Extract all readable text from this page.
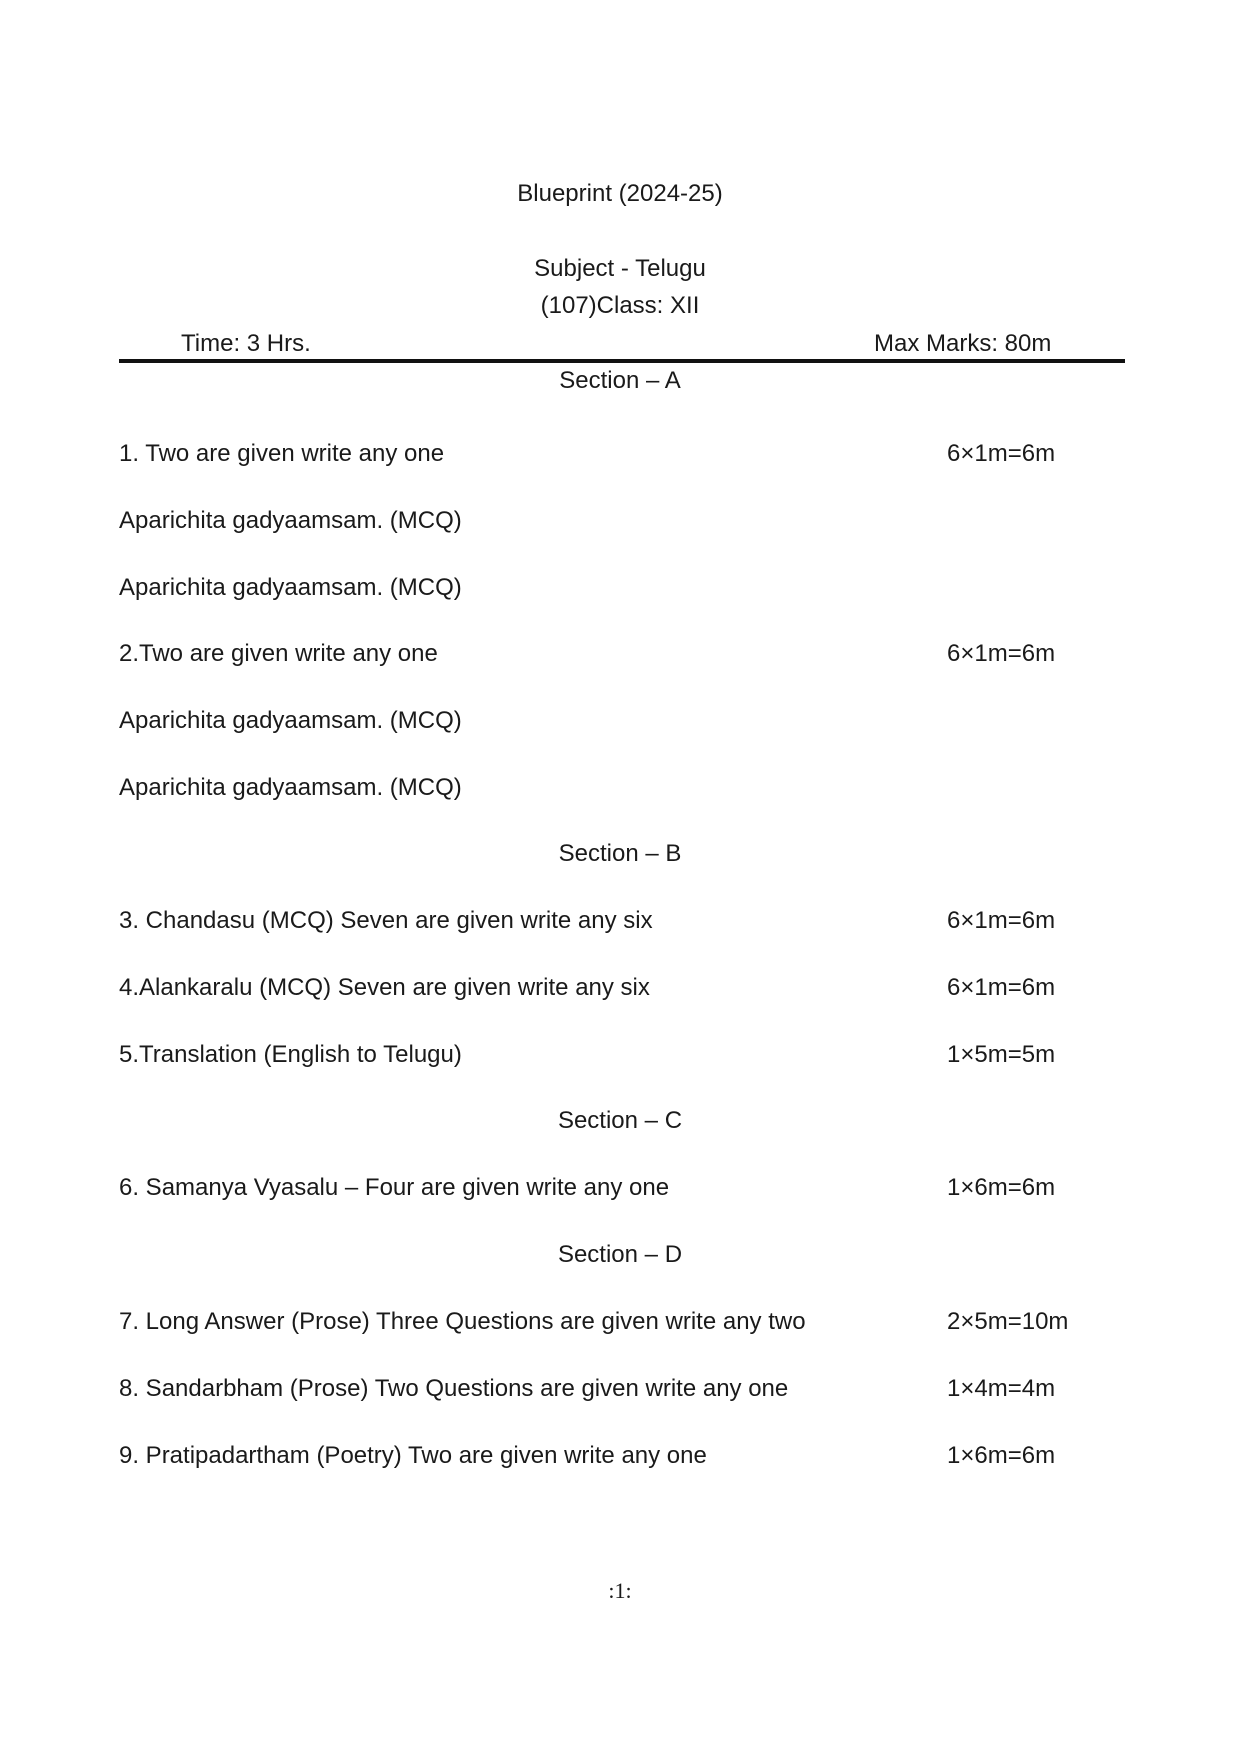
Blueprint (2024-25)
Subject - Telugu
(107)Class: XII
Time: 3 Hrs.	Max Marks: 80m
Section – A
1. Two are given write any one	6×1m=6m
Aparichita gadyaamsam. (MCQ)
Aparichita gadyaamsam. (MCQ)
2.Two are given write any one	6×1m=6m
Aparichita gadyaamsam. (MCQ)
Aparichita gadyaamsam. (MCQ)
Section – B
3. Chandasu (MCQ) Seven are given write any six	6×1m=6m
4.Alankaralu (MCQ) Seven are given write any six	6×1m=6m
5.Translation (English to Telugu)	1×5m=5m
Section – C
6. Samanya Vyasalu – Four are given write any one	1×6m=6m
Section – D
7. Long Answer (Prose) Three Questions are given write any two	2×5m=10m
8. Sandarbham (Prose) Two Questions are given write any one	1×4m=4m
9. Pratipadartham (Poetry) Two are given write any one	1×6m=6m
:1:
